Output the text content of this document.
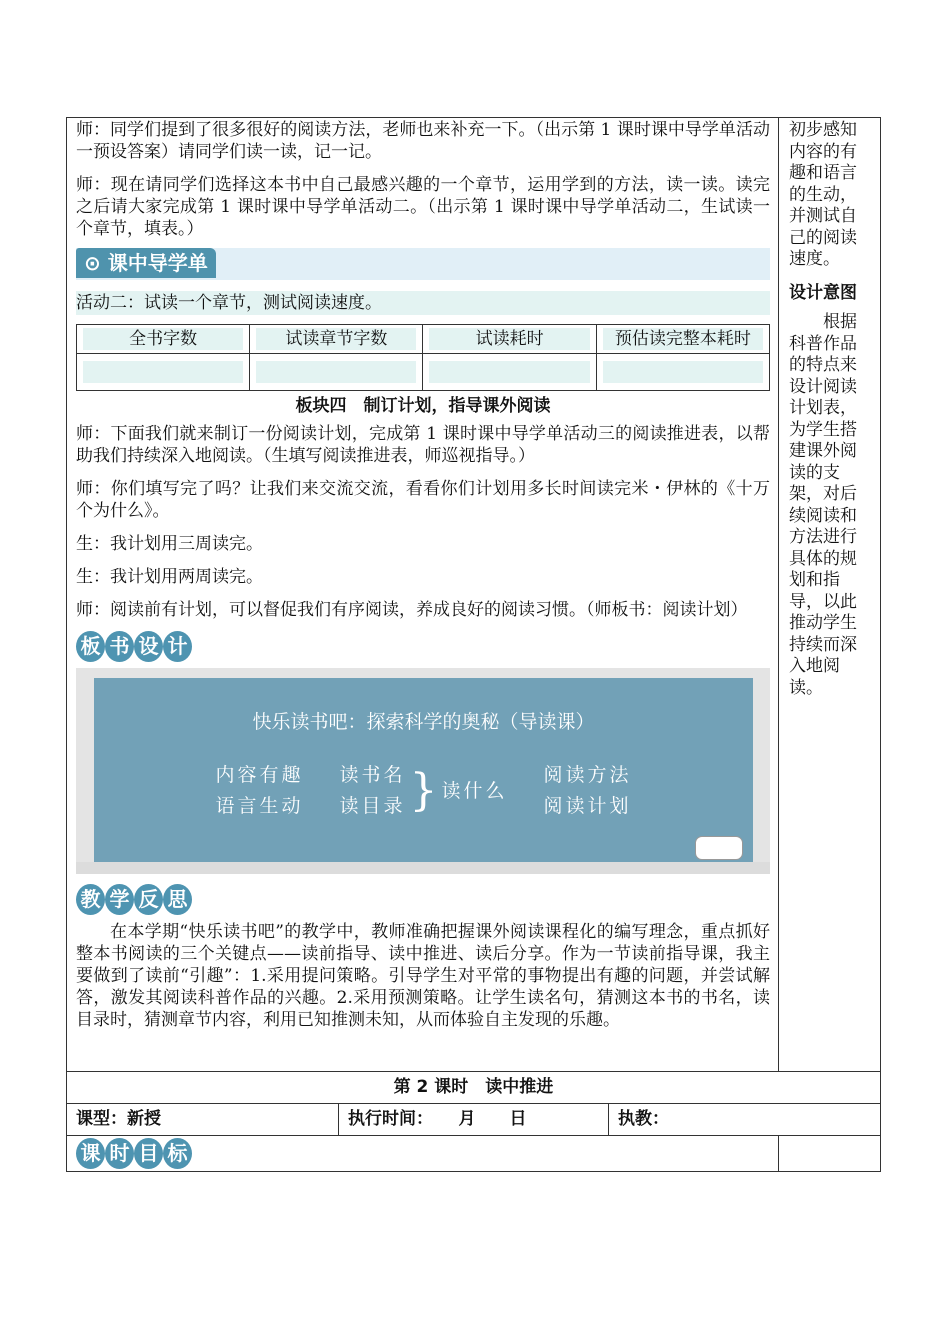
师：同学们提到了很多很好的阅读方法，老师也来补充一下。（出示第 1 课时课中导学单活动一预设答案）请同学们读一读，记一记。

师：现在请同学们选择这本书中自己最感兴趣的一个章节，运用学到的方法，读一读。读完之后请大家完成第 1 课时课中导学单活动二。（出示第 1 课时课中导学单活动二，生试读一个章节，填表。）

⊙ 课中导学单
活动二：试读一个章节，测试阅读速度。
全书字数	试读章节字数	试读耗时	预估读完整本耗时

板块四　制订计划，指导课外阅读

师：下面我们就来制订一份阅读计划，完成第 1 课时课中导学单活动三的阅读推进表，以帮助我们持续深入地阅读。（生填写阅读推进表，师巡视指导。）

师：你们填写完了吗？让我们来交流交流，看看你们计划用多长时间读完米・伊林的《十万个为什么》。

生：我计划用三周读完。

生：我计划用两周读完。

师：阅读前有计划，可以督促我们有序阅读，养成良好的阅读习惯。（师板书：阅读计划）

板 书 设 计
快乐读书吧：探索科学的奥秘（导读课）
内容有趣
语言生动
读书名
读目录 } 读什么
阅读方法
阅读计划
教 学 反 思

在本学期“快乐读书吧”的教学中，教师准确把握课外阅读课程化的编写理念，重点抓好整本书阅读的三个关键点——读前指导、读中推进、读后分享。作为一节读前指导课，我主要做到了读前“引趣”：1.采用提问策略。引导学生对平常的事物提出有趣的问题，并尝试解答，激发其阅读科普作品的兴趣。2.采用预测策略。让学生读名句，猜测这本书的书名，读目录时，猜测章节内容，利用已知推测未知，从而体验自主发现的乐趣。

初步感知内容的有趣和语言的生动，并测试自己的阅读速度。

设计意图

根据科普作品的特点来设计阅读计划表，为学生搭建课外阅读的支架，对后续阅读和方法进行具体的规划和指导，以此推动学生持续而深入地阅读。

第 2 课时　读中推进
课型：新授	执行时间：　　月　　日	执教：

课 时 目 标
